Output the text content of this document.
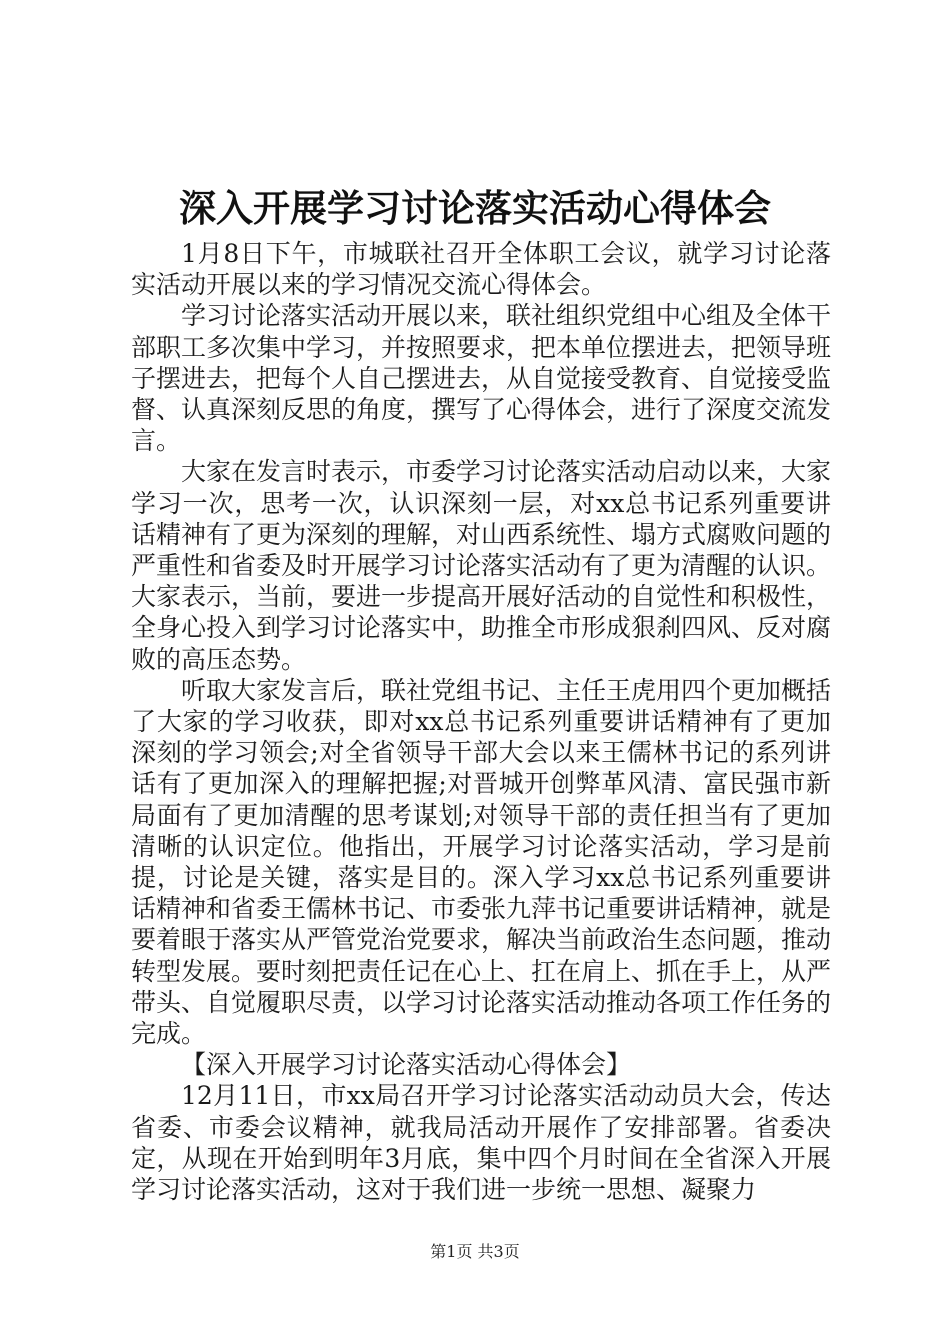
深入开展学习讨论落实活动心得体会

1月8日下午，市城联社召开全体职工会议，就学习讨论落实活动开展以来的学习情况交流心得体会。

学习讨论落实活动开展以来，联社组织党组中心组及全体干部职工多次集中学习，并按照要求，把本单位摆进去，把领导班子摆进去，把每个人自己摆进去，从自觉接受教育、自觉接受监督、认真深刻反思的角度，撰写了心得体会，进行了深度交流发言。

大家在发言时表示，市委学习讨论落实活动启动以来，大家学习一次，思考一次，认识深刻一层，对xx总书记系列重要讲话精神有了更为深刻的理解，对山西系统性、塌方式腐败问题的严重性和省委及时开展学习讨论落实活动有了更为清醒的认识。大家表示，当前，要进一步提高开展好活动的自觉性和积极性，全身心投入到学习讨论落实中，助推全市形成狠刹四风、反对腐败的高压态势。

听取大家发言后，联社党组书记、主任王虎用四个更加概括了大家的学习收获，即对xx总书记系列重要讲话精神有了更加深刻的学习领会;对全省领导干部大会以来王儒林书记的系列讲话有了更加深入的理解把握;对晋城开创弊革风清、富民强市新局面有了更加清醒的思考谋划;对领导干部的责任担当有了更加清晰的认识定位。他指出，开展学习讨论落实活动，学习是前提，讨论是关键，落实是目的。深入学习xx总书记系列重要讲话精神和省委王儒林书记、市委张九萍书记重要讲话精神，就是要着眼于落实从严管党治党要求，解决当前政治生态问题，推动转型发展。要时刻把责任记在心上、扛在肩上、抓在手上，从严带头、自觉履职尽责，以学习讨论落实活动推动各项工作任务的完成。

【深入开展学习讨论落实活动心得体会】

12月11日，市xx局召开学习讨论落实活动动员大会，传达省委、市委会议精神，就我局活动开展作了安排部署。省委决定，从现在开始到明年3月底，集中四个月时间在全省深入开展学习讨论落实活动，这对于我们进一步统一思想、凝聚力

第1页 共3页
